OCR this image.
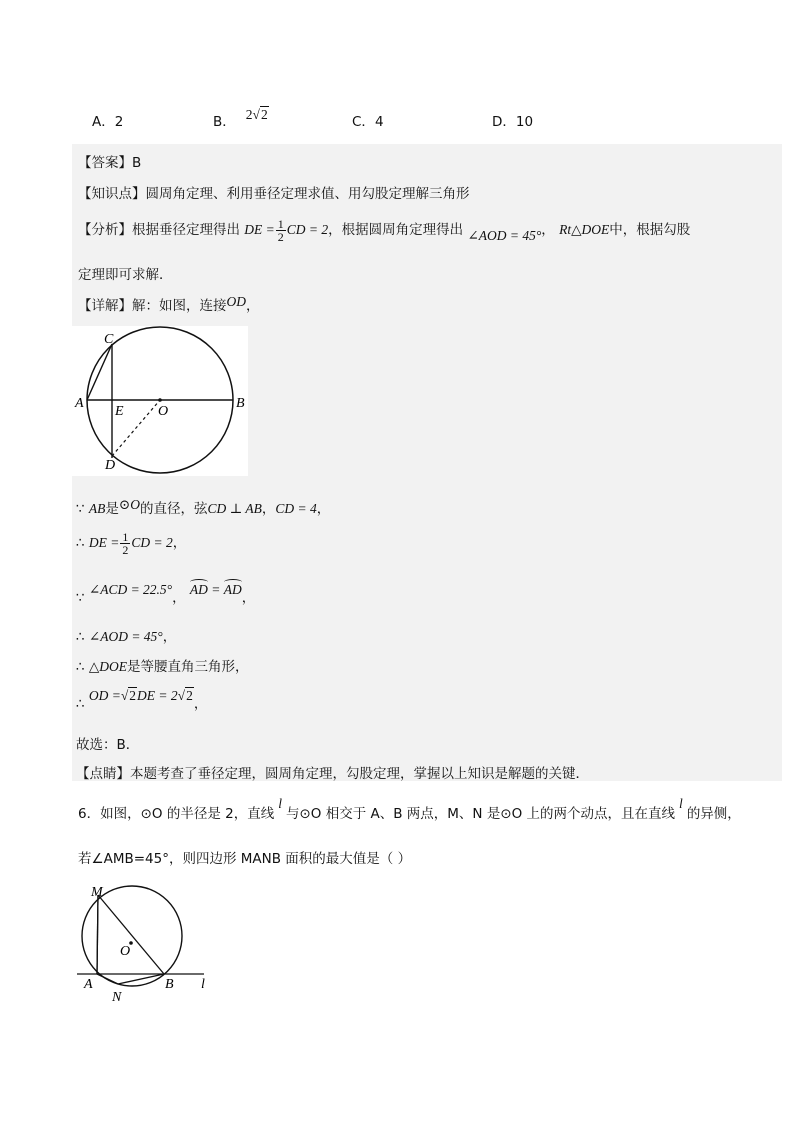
A．2	B． 2√2	C．4	D．10
【答案】B
【知识点】圆周角定理、利用垂径定理求值、用勾股定理解三角形
【分析】根据垂径定理得出 DE = $\frac{1}{2}$ CD = 2，根据圆周角定理得出 ∠AOD = 45°， Rt△DOE中，根据勾股
定理即可求解．
【详解】解：如图，连接OD，
C
A
E O
B
D
∵ AB是⊙O的直径，弦CD ⊥ AB，CD = 4，
∴ DE = $\frac{1}{2}$ CD = 2，
∵ ∠ACD = 22.5°， AD = AD，
∴ ∠AOD = 45°，
∴ △DOE是等腰直角三角形，
∴ OD =√2DE = 2√2，
故选：B．
【点睛】本题考查了垂径定理，圆周角定理，勾股定理，掌握以上知识是解题的关键．
6．如图，⊙O 的半径是 2，直线l与⊙O 相交于 A、B 两点，M、N 是⊙O 上的两个动点，且在直线l的异侧，
若∠AMB=45°，则四边形 MANB 面积的最大值是（ ）
M
O
A
N
B l
